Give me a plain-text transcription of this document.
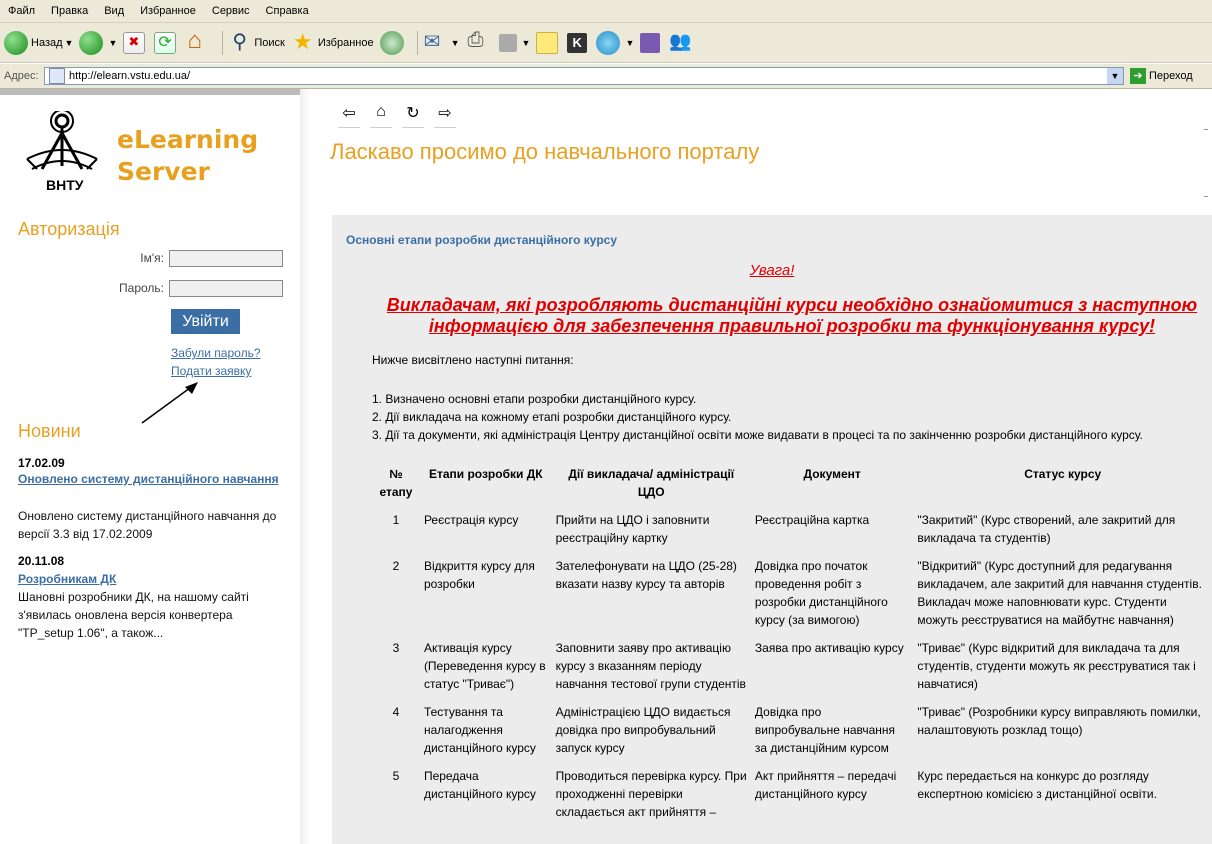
Файл	Правка	Вид	Избранное	Сервис	Справка
Назад ▼	▼ ✖ ⟳ ⌂ ⚲	Поиск ★	Избранное ✉	▼ ⎙	▼ K	▼
👥
Адрес:	http://elearn.vstu.edu.ua/	▼	➔ Переход
ВНТУ
eLearning
Server
Авторизація
Ім'я:
Пароль:
Увійти
Забули пароль?
Подати заявку
Новини
17.02.09
Оновлено систему дистанційного навчання
Оновлено систему дистанційного навчання до версії 3.3 від 17.02.2009
20.11.08
Розробникам ДК
Шановні розробники ДК, на нашому сайті з'явилась оновлена версія конвертера "TP_setup 1.06", а також...
⇦	⌂	↻ ⇨
Ласкаво просимо до навчального порталу
Основні етапи розробки дистанційного курсу
Увага!
Викладачам, які розробляють дистанційні курси необхідно ознайомитися з наступною інформацією для забезпечення правильної розробки та функціонування курсу!
Нижче висвітлено наступні питання:
1. Визначено основні етапи розробки дистанційного курсу.
2. Дії викладача на кожному етапі розробки дистанційного курсу.
3. Дії та документи, які адміністрація Центру дистанційної освіти може видавати в процесі та по закінченню розробки дистанційного курсу.
№ етапу	Етапи розробки ДК	Дії викладача/ адміністрації ЦДО	Документ	Статус курсу
1	Реєстрація курсу	Прийти на ЦДО і заповнити реєстраційну картку	Реєстраційна картка	"Закритий" (Курс створений, але закритий для викладача та студентів)
2	Відкриття курсу для розробки	Зателефонувати на ЦДО (25-28) вказати назву курсу та авторів	Довідка про початок проведення робіт з розробки дистанційного курсу (за вимогою)	"Відкритий" (Курс доступний для редагування викладачем, але закритий для навчання студентів. Викладач може наповнювати курс. Студенти можуть реєструватися на майбутнє навчання)
3	Активація курсу (Переведення курсу в статус "Триває")	Заповнити заяву про активацію курсу з вказанням періоду навчання тестової групи студентів	Заява про активацію курсу	"Триває" (Курс відкритий для викладача та для студентів, студенти можуть як реєструватися так і навчатися)
4	Тестування та налагодження дистанційного курсу	Адміністрацією ЦДО видається довідка про випробувальний запуск курсу	Довідка про випробувальне навчання за дистанційним курсом	"Триває" (Розробники курсу виправляють помилки, налаштовують розклад тощо)
5	Передача дистанційного курсу	Проводиться перевірка курсу. При проходженні перевірки складається акт прийняття –	Акт прийняття – передачі дистанційного курсу	Курс передається на конкурс до розгляду експертною комісією з дистанційної освіти.
